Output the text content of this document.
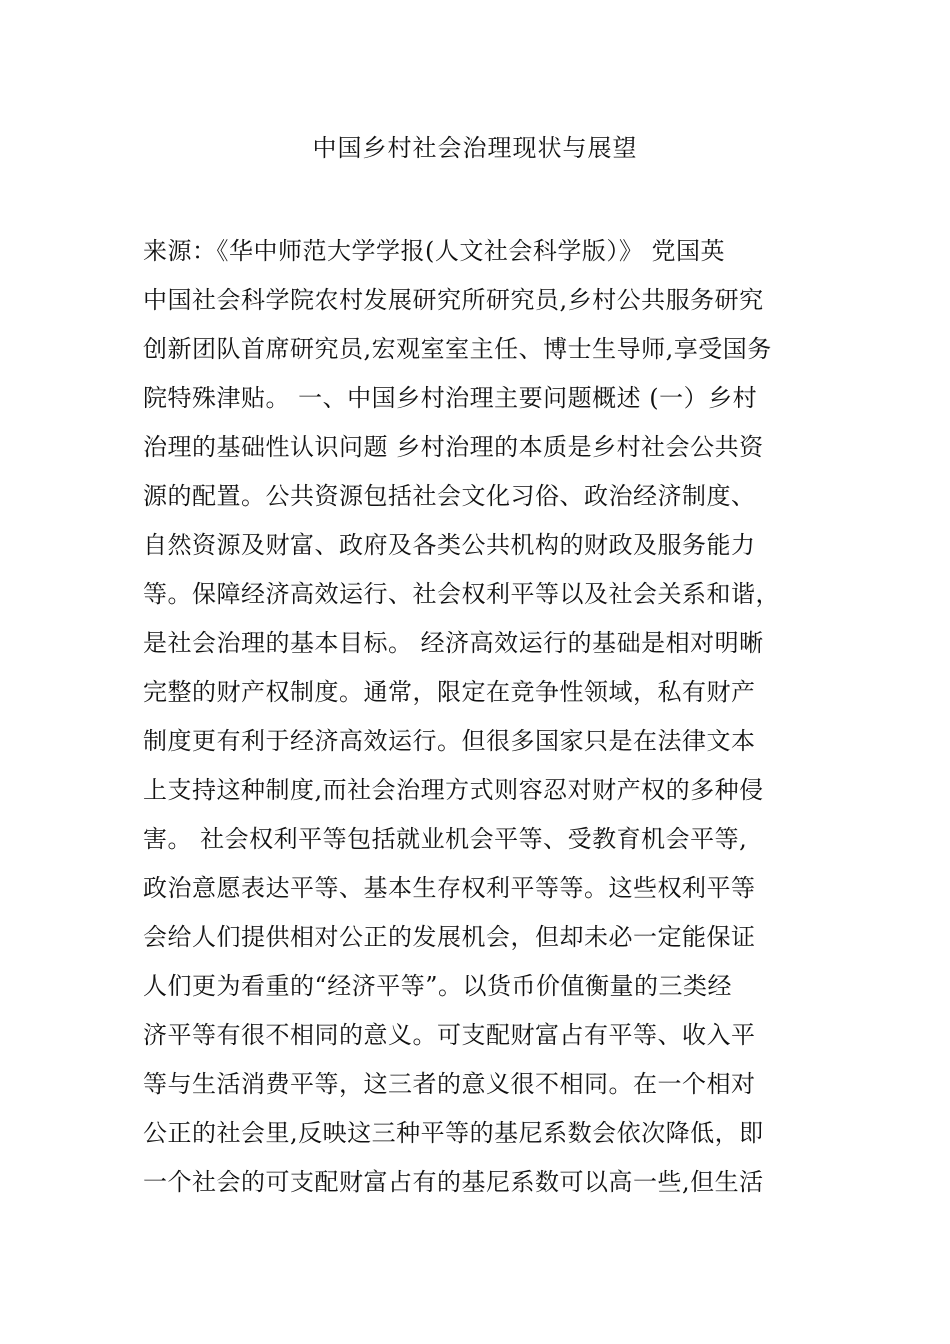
中国乡村社会治理现状与展望
来源：《华中师范大学学报(人文社会科学版）》 党国英
中国社会科学院农村发展研究所研究员,乡村公共服务研究
创新团队首席研究员,宏观室室主任、博士生导师,享受国务
院特殊津贴。 一、中国乡村治理主要问题概述 (一）乡村
治理的基础性认识问题 乡村治理的本质是乡村社会公共资
源的配置。公共资源包括社会文化习俗、政治经济制度、
自然资源及财富、政府及各类公共机构的财政及服务能力
等。保障经济高效运行、社会权利平等以及社会关系和谐，
是社会治理的基本目标。 经济高效运行的基础是相对明晰
完整的财产权制度。通常，限定在竞争性领域，私有财产
制度更有利于经济高效运行。但很多国家只是在法律文本
上支持这种制度,而社会治理方式则容忍对财产权的多种侵
害。 社会权利平等包括就业机会平等、受教育机会平等,
政治意愿表达平等、基本生存权利平等等。这些权利平等
会给人们提供相对公正的发展机会，但却未必一定能保证
人们更为看重的“经济平等”。以货币价值衡量的三类经
济平等有很不相同的意义。可支配财富占有平等、收入平
等与生活消费平等，这三者的意义很不相同。在一个相对
公正的社会里,反映这三种平等的基尼系数会依次降低，即
一个社会的可支配财富占有的基尼系数可以高一些,但生活
